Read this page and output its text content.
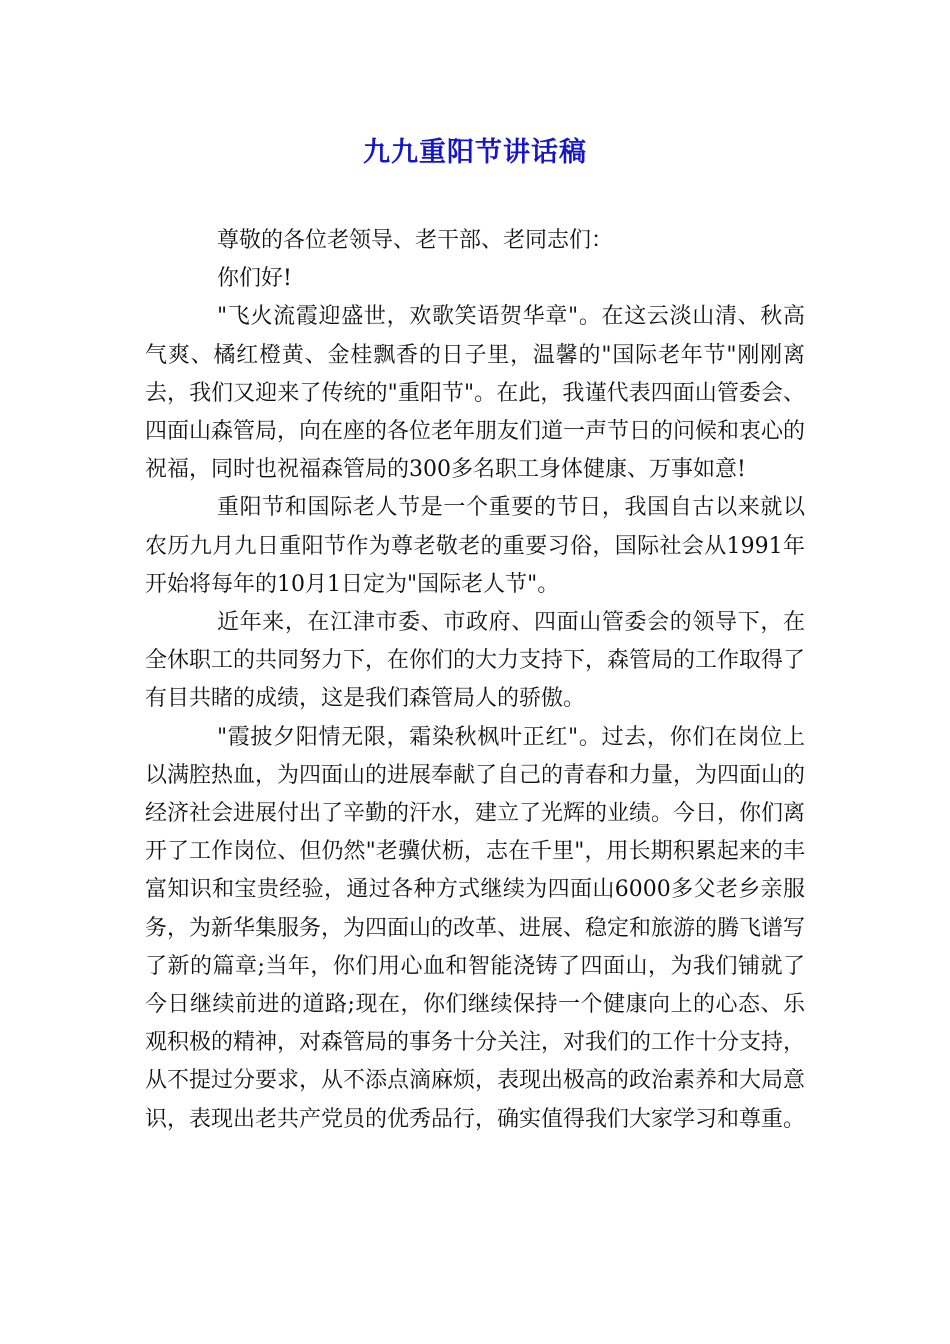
九九重阳节讲话稿

尊敬的各位老领导、老干部、老同志们：

你们好!

"飞火流霞迎盛世，欢歌笑语贺华章"。在这云淡山清、秋高气爽、橘红橙黄、金桂飘香的日子里，温馨的"国际老年节"刚刚离去，我们又迎来了传统的"重阳节"。在此，我谨代表四面山管委会、四面山森管局，向在座的各位老年朋友们道一声节日的问候和衷心的祝福，同时也祝福森管局的300多名职工身体健康、万事如意!

重阳节和国际老人节是一个重要的节日，我国自古以来就以农历九月九日重阳节作为尊老敬老的重要习俗，国际社会从1991年开始将每年的10月1日定为"国际老人节"。

近年来，在江津市委、市政府、四面山管委会的领导下，在全休职工的共同努力下，在你们的大力支持下，森管局的工作取得了有目共睹的成绩，这是我们森管局人的骄傲。

"霞披夕阳情无限，霜染秋枫叶正红"。过去，你们在岗位上以满腔热血，为四面山的进展奉献了自己的青春和力量，为四面山的经济社会进展付出了辛勤的汗水，建立了光辉的业绩。今日，你们离开了工作岗位、但仍然"老骥伏枥，志在千里"，用长期积累起来的丰富知识和宝贵经验，通过各种方式继续为四面山6000多父老乡亲服务，为新华集服务，为四面山的改革、进展、稳定和旅游的腾飞谱写了新的篇章;当年，你们用心血和智能浇铸了四面山，为我们铺就了今日继续前进的道路;现在，你们继续保持一个健康向上的心态、乐观积极的精神，对森管局的事务十分关注，对我们的工作十分支持，从不提过分要求，从不添点滴麻烦，表现出极高的政治素养和大局意识，表现出老共产党员的优秀品行，确实值得我们大家学习和尊重。
